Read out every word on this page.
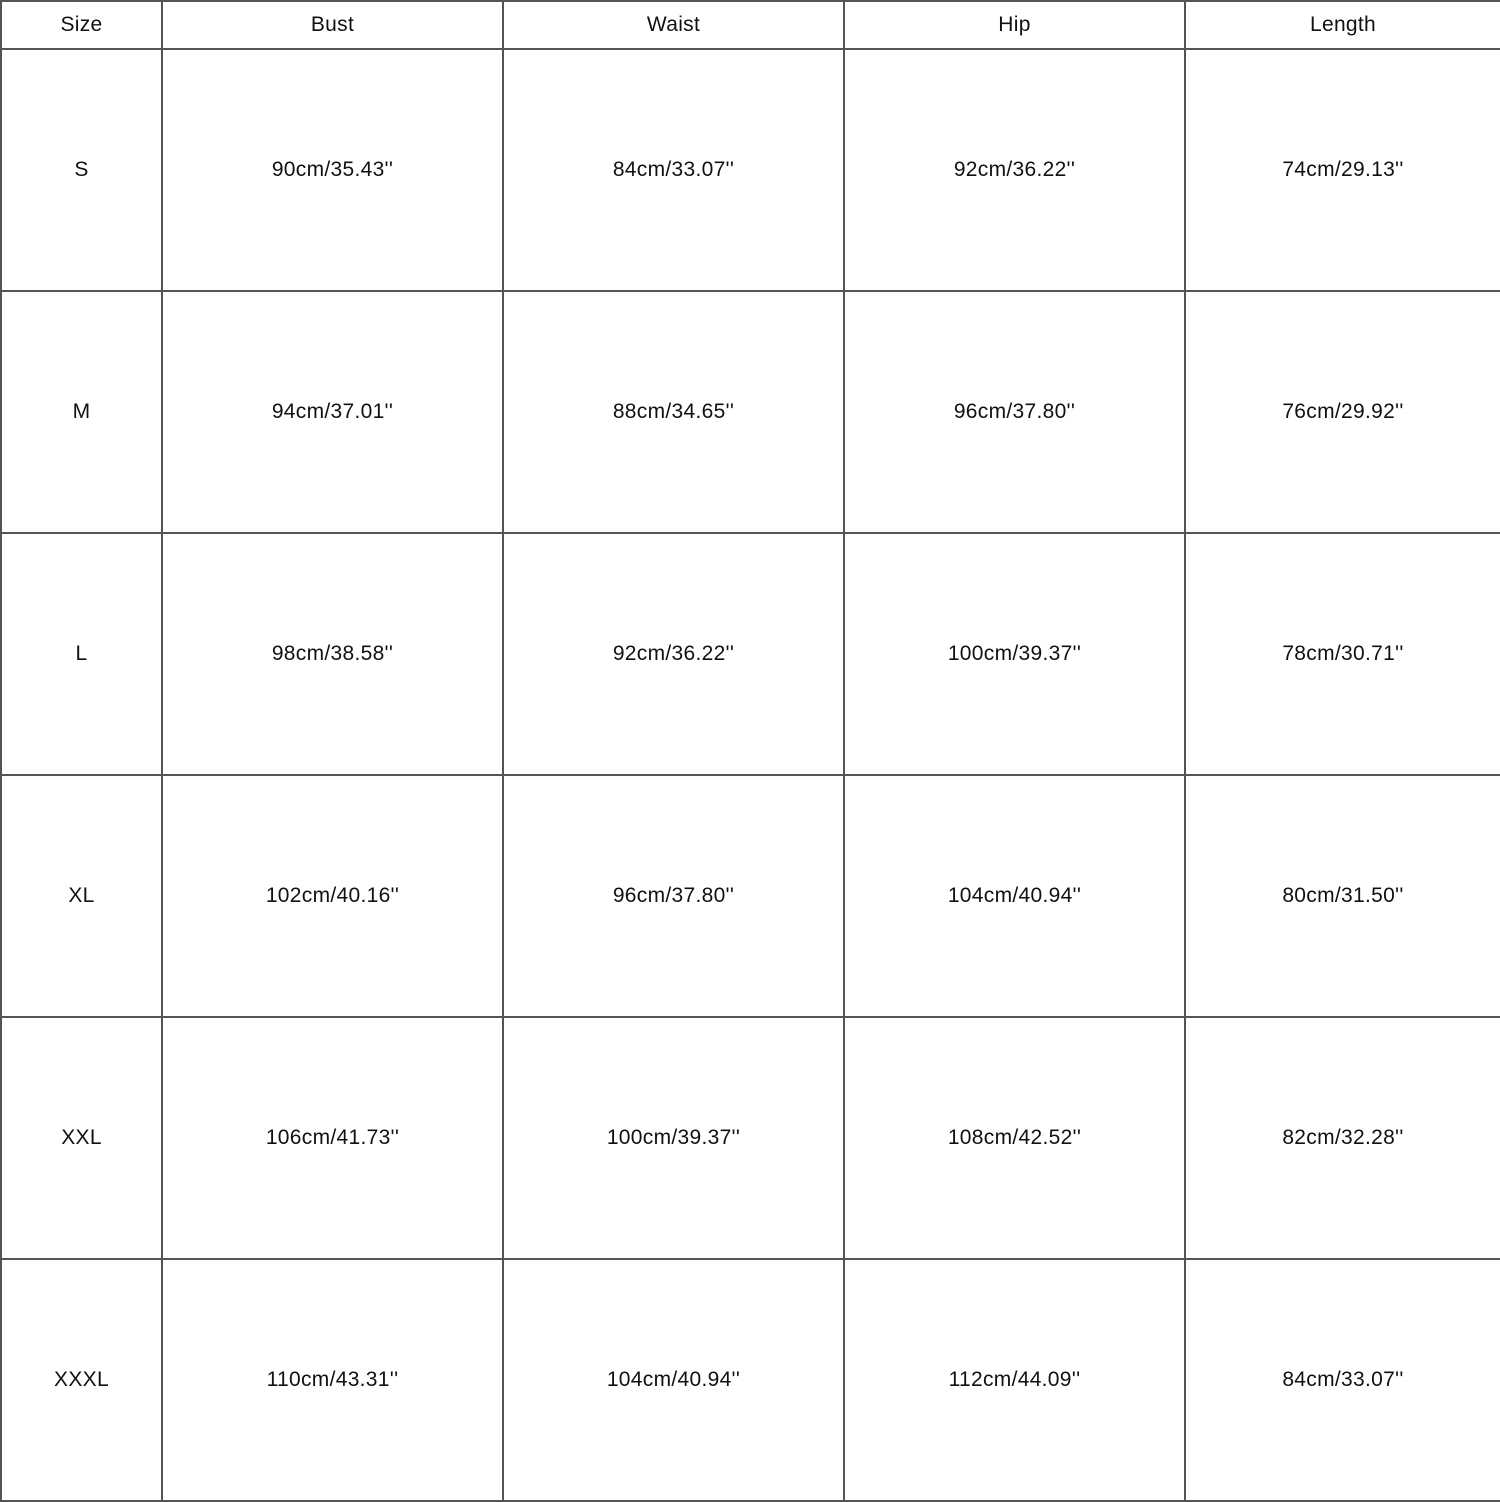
Size	Bust	Waist	Hip	Length
S	90cm/35.43''	84cm/33.07''	92cm/36.22''	74cm/29.13''
M	94cm/37.01''	88cm/34.65''	96cm/37.80''	76cm/29.92''
L	98cm/38.58''	92cm/36.22''	100cm/39.37''	78cm/30.71''
XL	102cm/40.16''	96cm/37.80''	104cm/40.94''	80cm/31.50''
XXL	106cm/41.73''	100cm/39.37''	108cm/42.52''	82cm/32.28''
XXXL	110cm/43.31''	104cm/40.94''	112cm/44.09''	84cm/33.07''
